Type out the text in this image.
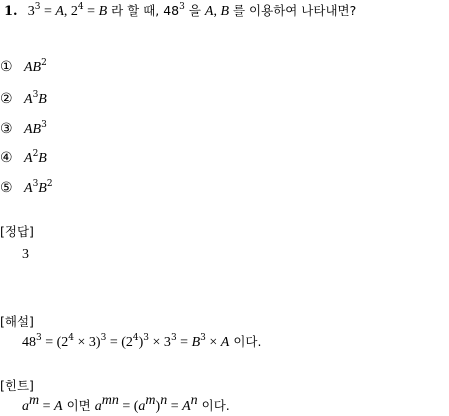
1. $3^3 = A$, $2^4 = B$ 라 할 때, $48^3$ 을 A, B 를 이용하여 나타내면?
① $AB^2$
② $A^3B$
③ $AB^3$
④ $A^2B$
⑤ $A^3B^2$
[정답]
3
[해설]
$48^3 = (2^4 \times 3)^3 = (2^4)^3 \times 3^3 = B^3 \times A$ 이다.
[힌트]
$a^m = A$ 이면 $a^{mn} = (a^m)^n = A^n$ 이다.
